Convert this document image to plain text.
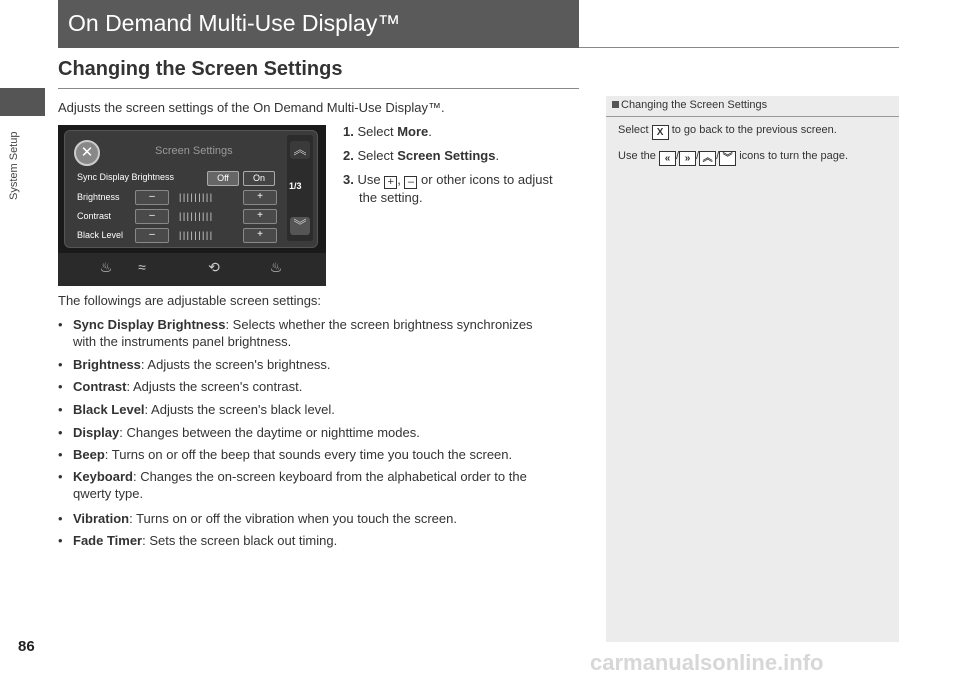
System Setup
86
On Demand Multi-Use Display™
Changing the Screen Settings
Adjusts the screen settings of the On Demand Multi-Use Display™.
✕	Screen Settings
Sync Display Brightness	Off	On
Brightness	–	|||||||||	+
Contrast	–	|||||||||	+
Black Level	–	|||||||||	+
︽
1/3
︾
♨	≈	⟲	♨
1. Select More.
2. Select Screen Settings.
3. Use + , – or other icons to adjust
the setting.
The followings are adjustable screen settings:
• Sync Display Brightness: Selects whether the screen brightness synchronizes
with the instruments panel brightness.
• Brightness: Adjusts the screen's brightness.
• Contrast: Adjusts the screen's contrast.
• Black Level: Adjusts the screen's black level.
• Display: Changes between the daytime or nighttime modes.
• Beep: Turns on or off the beep that sounds every time you touch the screen.
• Keyboard: Changes the on-screen keyboard from the alphabetical order to the
qwerty type.
• Vibration: Turns on or off the vibration when you touch the screen.
• Fade Timer: Sets the screen black out timing.
Changing the Screen Settings
Select X to go back to the previous screen.
Use the « / » / ︽ / ︾ icons to turn the page.
carmanualsonline.info
